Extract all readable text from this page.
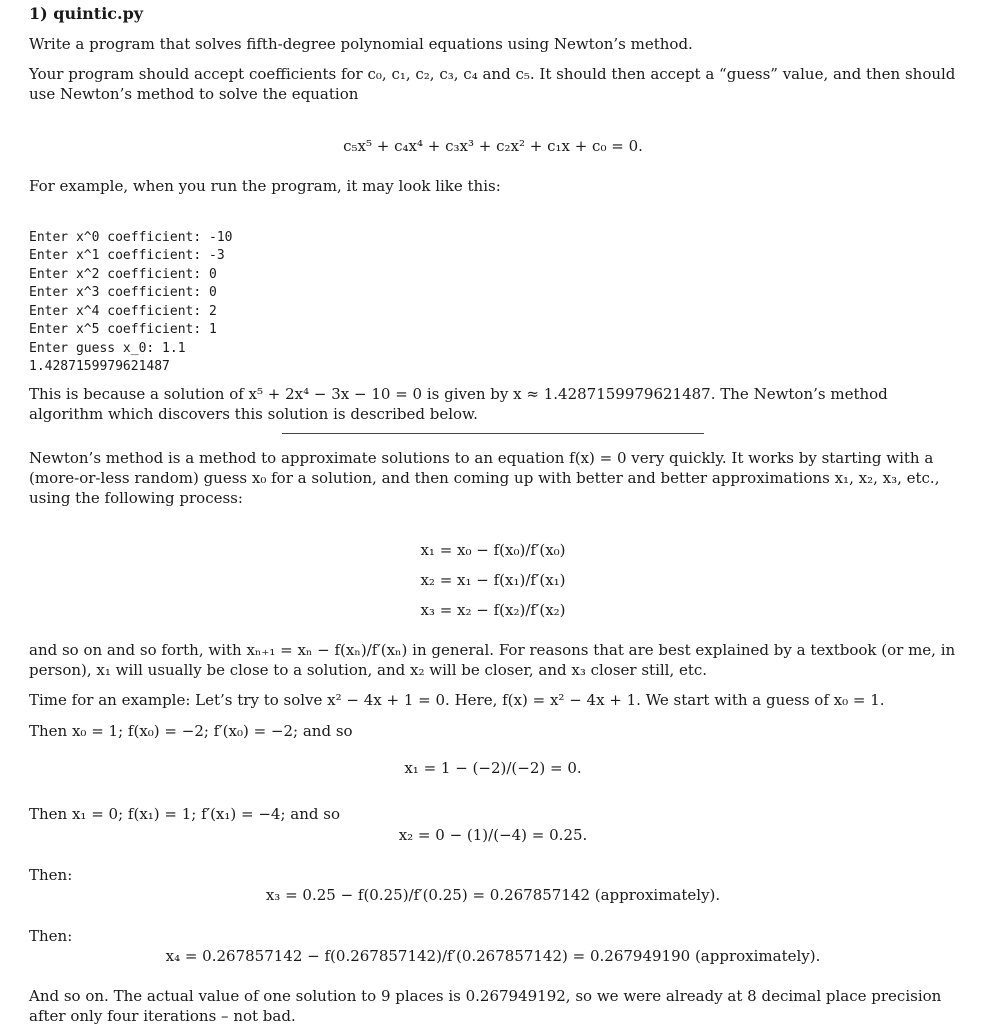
1) quintic.py
Write a program that solves fifth-degree polynomial equations using Newton’s method.
Your program should accept coefficients for c₀, c₁, c₂, c₃, c₄ and c₅. It should then accept a “guess” value, and then should use Newton’s method to solve the equation
c₅x⁵ + c₄x⁴ + c₃x³ + c₂x² + c₁x + c₀ = 0.
For example, when you run the program, it may look like this:

Enter x^0 coefficient: -10
Enter x^1 coefficient: -3
Enter x^2 coefficient: 0
Enter x^3 coefficient: 0
Enter x^4 coefficient: 2
Enter x^5 coefficient: 1
Enter guess x_0: 1.1
1.4287159979621487

This is because a solution of x⁵ + 2x⁴ − 3x − 10 = 0 is given by x ≈ 1.4287159979621487. The Newton’s method algorithm which discovers this solution is described below.
Newton’s method is a method to approximate solutions to an equation f(x) = 0 very quickly. It works by starting with a (more-or-less random) guess x₀ for a solution, and then coming up with better and better approximations x₁, x₂, x₃, etc., using the following process:
x₁ = x₀ − f(x₀)/f′(x₀)
x₂ = x₁ − f(x₁)/f′(x₁)
x₃ = x₂ − f(x₂)/f′(x₂)
and so on and so forth, with xₙ₊₁ = xₙ − f(xₙ)/f′(xₙ) in general. For reasons that are best explained by a textbook (or me, in person), x₁ will usually be close to a solution, and x₂ will be closer, and x₃ closer still, etc.
Time for an example: Let’s try to solve x² − 4x + 1 = 0. Here, f(x) = x² − 4x + 1. We start with a guess of x₀ = 1.
Then x₀ = 1; f(x₀) = −2; f′(x₀) = −2; and so
x₁ = 1 − (−2)/(−2) = 0.
Then x₁ = 0; f(x₁) = 1; f′(x₁) = −4; and so
x₂ = 0 − (1)/(−4) = 0.25.
Then:
x₃ = 0.25 − f(0.25)/f′(0.25) = 0.267857142 (approximately).
Then:
x₄ = 0.267857142 − f(0.267857142)/f′(0.267857142) = 0.267949190 (approximately).
And so on. The actual value of one solution to 9 places is 0.267949192, so we were already at 8 decimal place precision after only four iterations – not bad.
